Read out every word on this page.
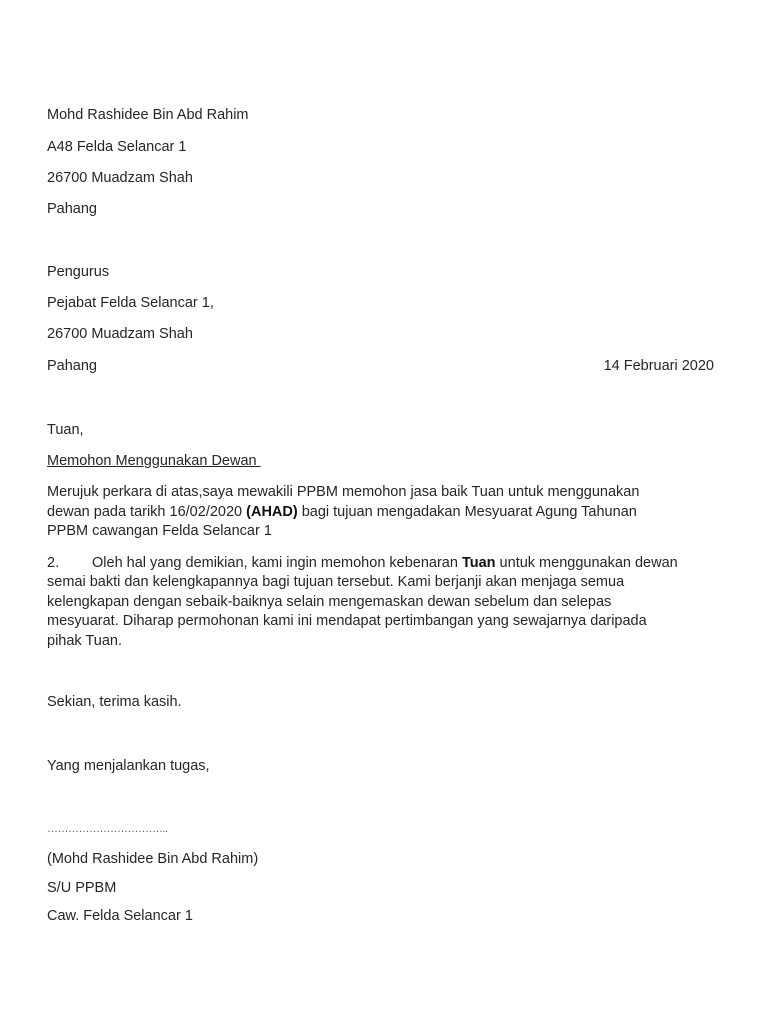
Mohd Rashidee Bin Abd Rahim
A48 Felda Selancar 1
26700 Muadzam Shah
Pahang
Pengurus
Pejabat Felda Selancar 1,
26700 Muadzam Shah
Pahang	14 Februari 2020
Tuan,
Memohon Menggunakan Dewan
Merujuk perkara di atas,saya mewakili PPBM memohon jasa baik Tuan untuk menggunakan
dewan pada tarikh 16/02/2020 (AHAD) bagi tujuan mengadakan Mesyuarat Agung Tahunan
PPBM cawangan Felda Selancar 1
2. Oleh hal yang demikian, kami ingin memohon kebenaran Tuan untuk menggunakan dewan
semai bakti dan kelengkapannya bagi tujuan tersebut. Kami berjanji akan menjaga semua
kelengkapan dengan sebaik-baiknya selain mengemaskan dewan sebelum dan selepas
mesyuarat. Diharap permohonan kami ini mendapat pertimbangan yang sewajarnya daripada
pihak Tuan.
Sekian, terima kasih.
Yang menjalankan tugas,
……………………………..
(Mohd Rashidee Bin Abd Rahim)
S/U PPBM
Caw. Felda Selancar 1
